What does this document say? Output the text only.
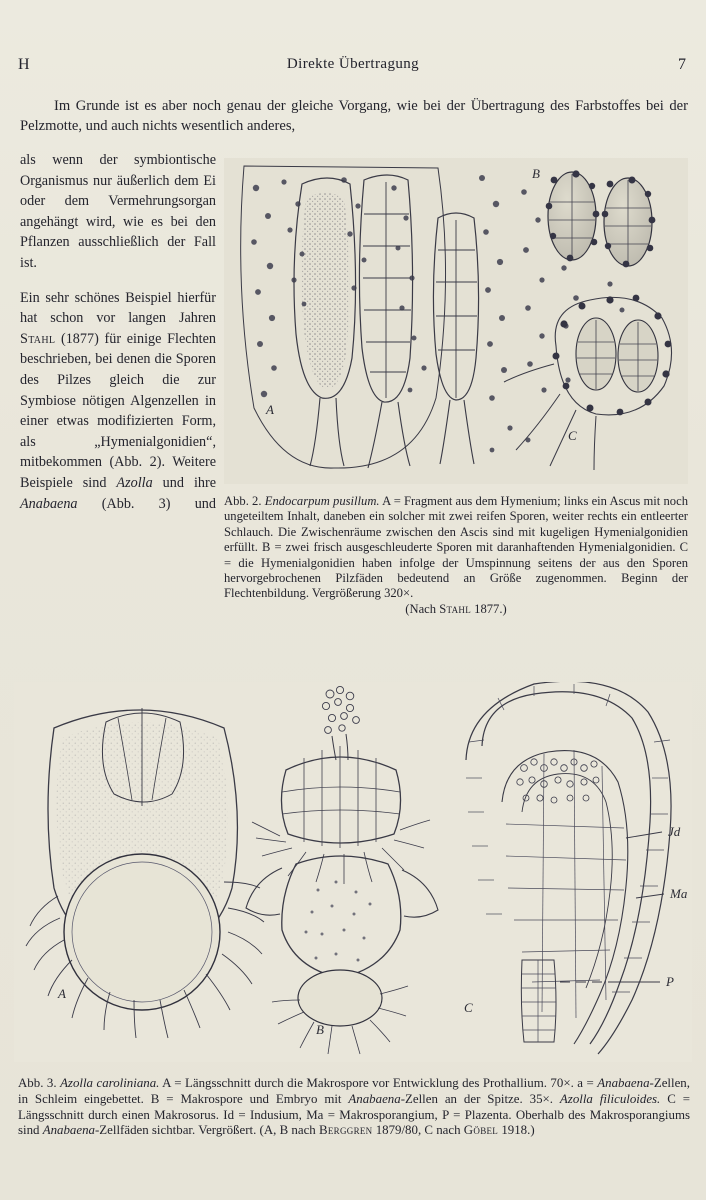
H	Direkte Übertragung	7
Im Grunde ist es aber noch genau der gleiche Vorgang, wie bei der Übertragung des Farbstoffes bei der Pelzmotte, und auch nichts wesentlich anderes,

als wenn der symbiontische Organismus nur äußerlich dem Ei oder dem Vermehrungsorgan angehängt wird, wie es bei den Pflanzen ausschließlich der Fall ist.

Ein sehr schönes Beispiel hierfür hat schon vor langen Jahren Stahl (1877) für einige Flechten beschrieben, bei denen die Sporen des Pilzes gleich die zur Symbiose nötigen Algenzellen in einer etwas modifizierten Form, als „Hymenialgonidien“, mitbekommen (Abb. 2). Weitere Beispiele sind Azolla und ihre Anabaena (Abb. 3) und

A
B
C
Abb. 2. Endocarpum pusillum. A = Fragment aus dem Hymenium; links ein Ascus mit noch ungeteiltem Inhalt, daneben ein solcher mit zwei reifen Sporen, weiter rechts ein entleerter Schlauch. Die Zwischenräume zwischen den Ascis sind mit kugeligen Hymenialgonidien erfüllt. B = zwei frisch ausgeschleuderte Sporen mit daranhaftenden Hymenialgonidien. C = die Hymenialgonidien haben infolge der Umspinnung seitens der aus den Sporen hervorgebrochenen Pilzfäden bedeutend an Größe zugenommen. Beginn der Flechtenbildung. Vergrößerung 320×.
(Nach Stahl 1877.)
A
B
Jd
Ma
P
C
Abb. 3. Azolla caroliniana. A = Längsschnitt durch die Makrospore vor Entwicklung des Prothallium. 70×. a = Anabaena-Zellen, in Schleim eingebettet. B = Makrospore und Embryo mit Anabaena-Zellen an der Spitze. 35×. Azolla filiculoides. C = Längsschnitt durch einen Makrosorus. Id = Indusium, Ma = Makrosporangium, P = Plazenta. Oberhalb des Makrosporangiums sind Anabaena-Zellfäden sichtbar. Vergrößert. (A, B nach Berggren 1879/80, C nach Göbel 1918.)
